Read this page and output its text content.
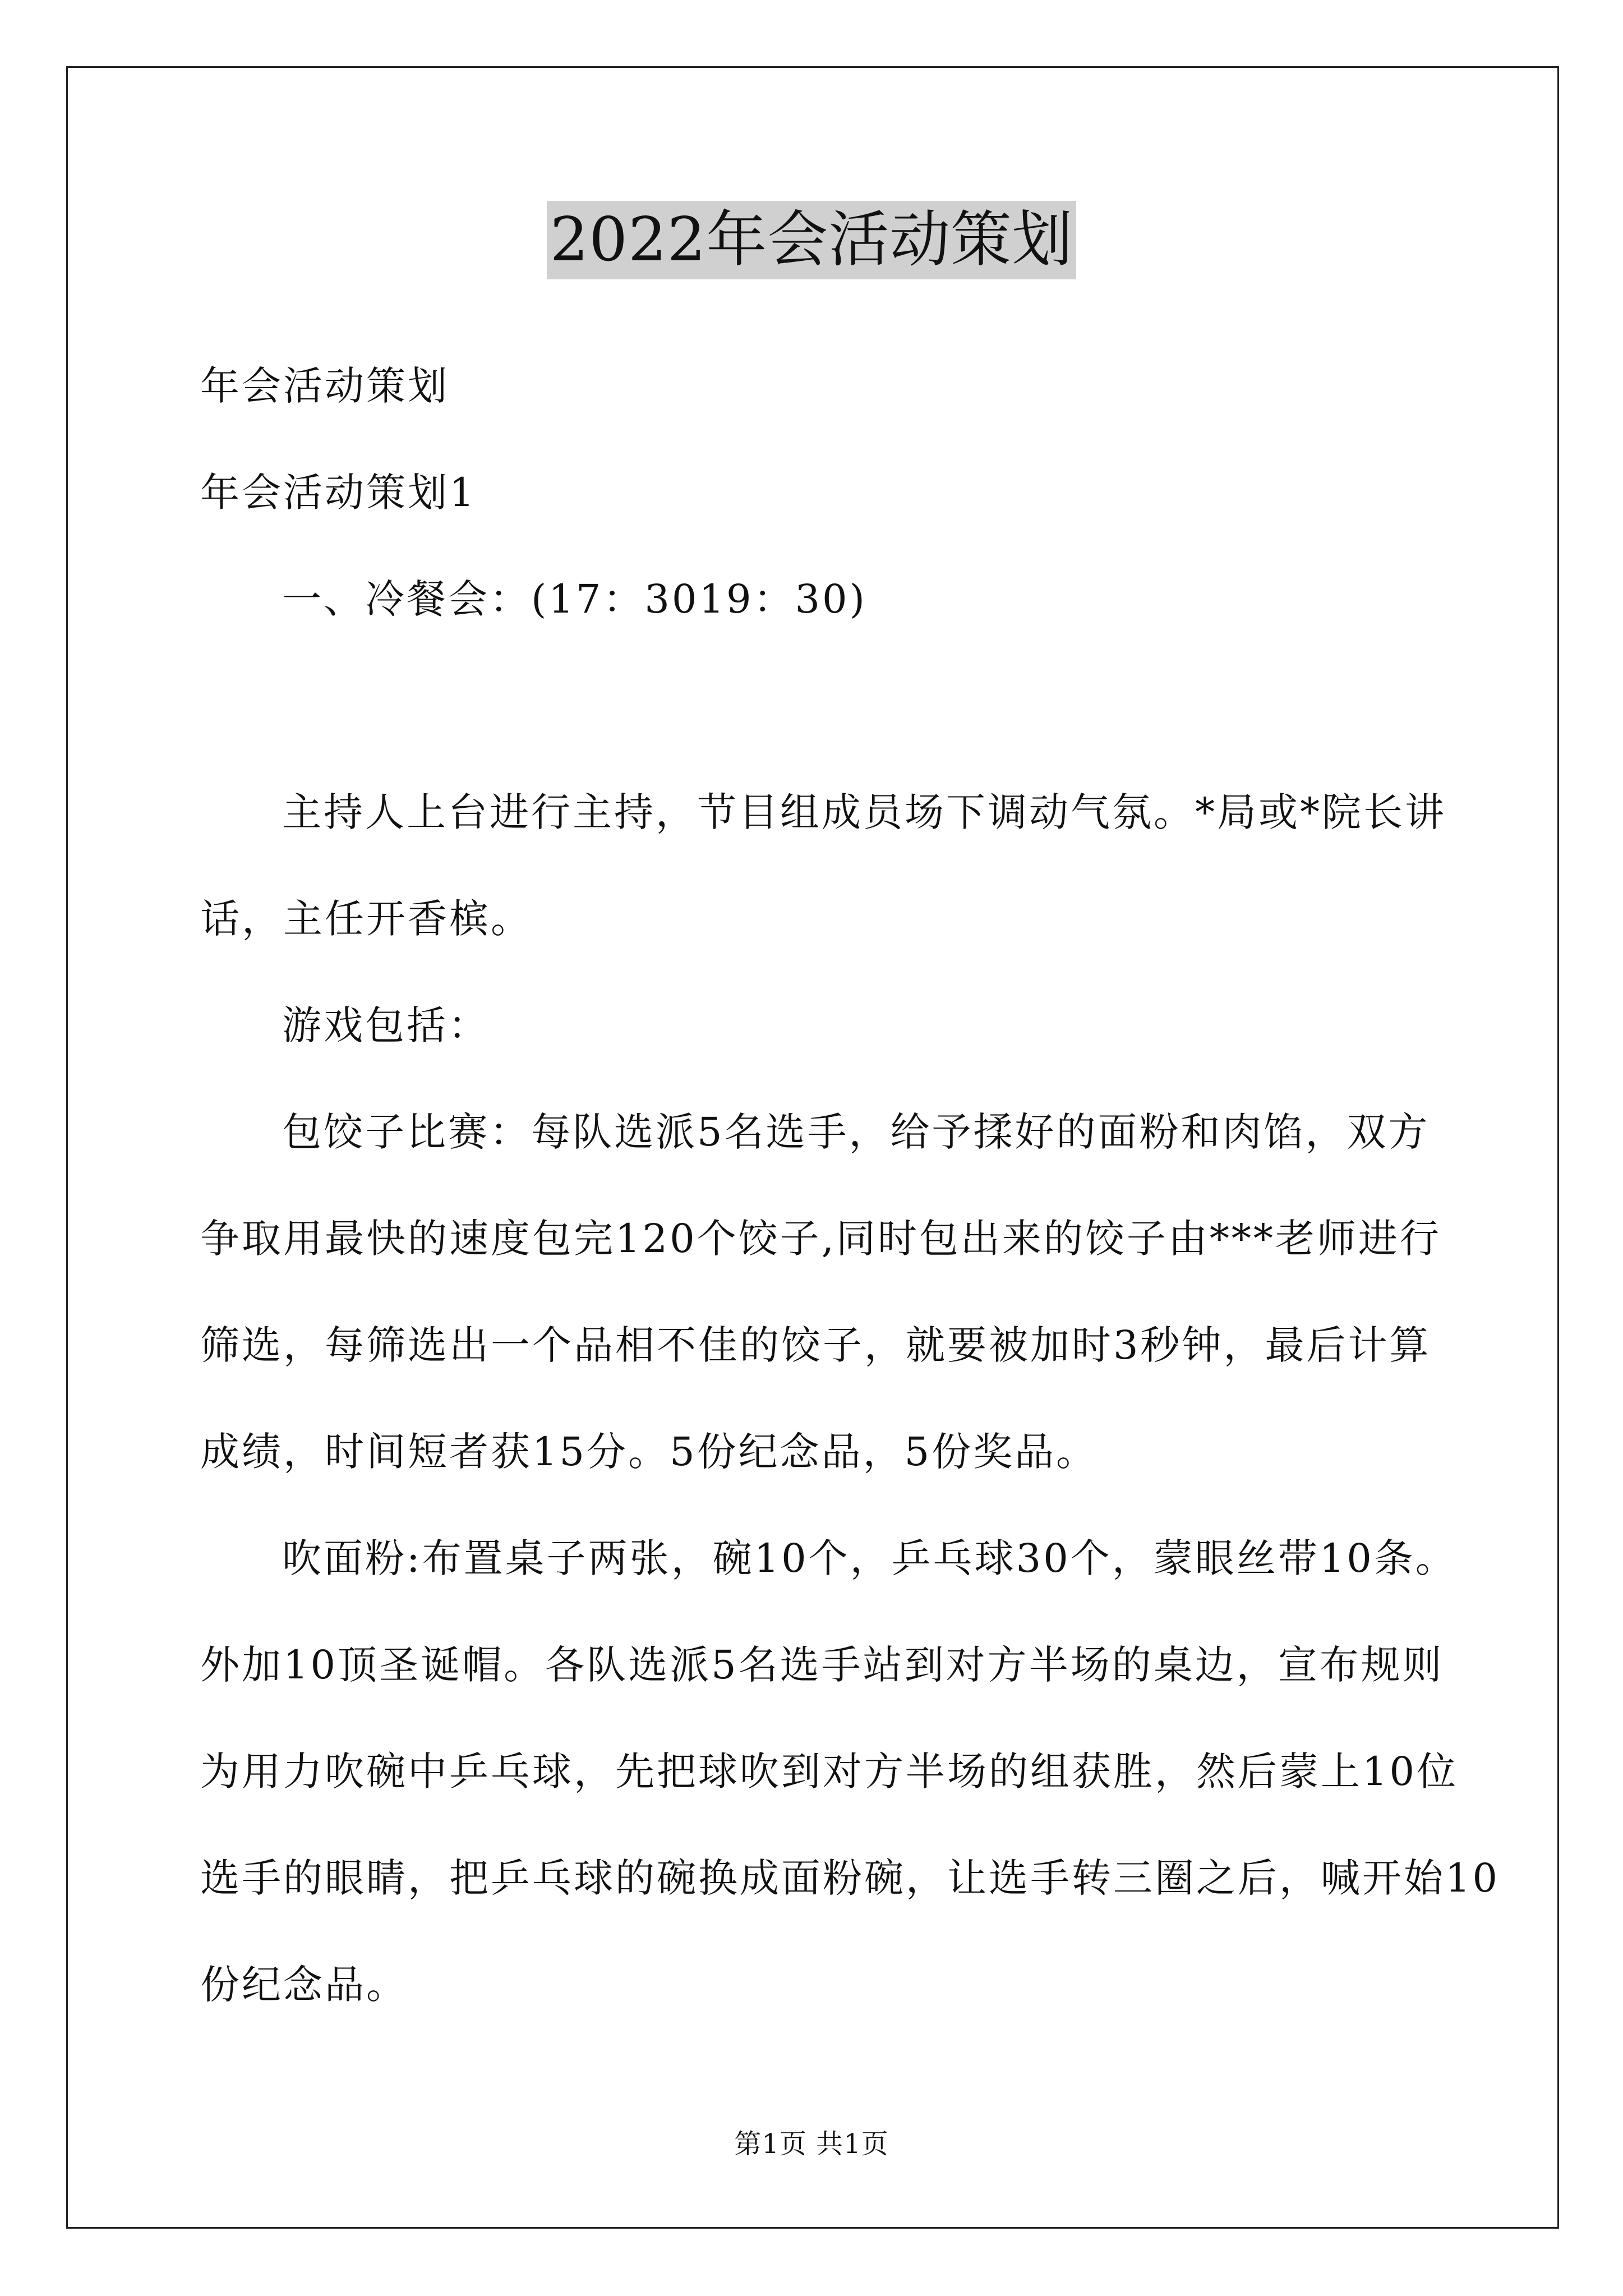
2022年会活动策划
年会活动策划
年会活动策划1
一、冷餐会：(17：3019：30)
主持人上台进行主持，节目组成员场下调动气氛。*局或*院长讲
话，主任开香槟。
游戏包括：
包饺子比赛：每队选派5名选手，给予揉好的面粉和肉馅，双方
争取用最快的速度包完120个饺子,同时包出来的饺子由***老师进行
筛选，每筛选出一个品相不佳的饺子，就要被加时3秒钟，最后计算
成绩，时间短者获15分。5份纪念品，5份奖品。
吹面粉:布置桌子两张，碗10个，乒乓球30个，蒙眼丝带10条。
外加10顶圣诞帽。各队选派5名选手站到对方半场的桌边，宣布规则
为用力吹碗中乒乓球，先把球吹到对方半场的组获胜，然后蒙上10位
选手的眼睛，把乒乓球的碗换成面粉碗，让选手转三圈之后，喊开始10
份纪念品。
第1页 共1页
